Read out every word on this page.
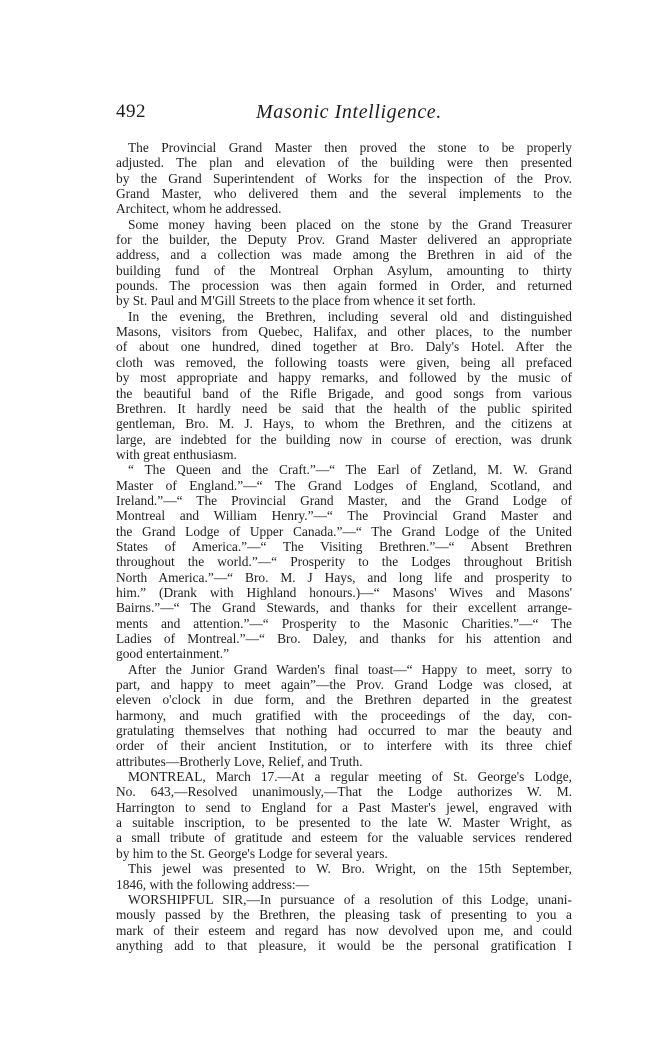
492	Masonic Intelligence.
The Provincial Grand Master then proved the stone to be properly
adjusted. The plan and elevation of the building were then presented
by the Grand Superintendent of Works for the inspection of the Prov.
Grand Master, who delivered them and the several implements to the
Architect, whom he addressed.
Some money having been placed on the stone by the Grand Treasurer
for the builder, the Deputy Prov. Grand Master delivered an appropriate
address, and a collection was made among the Brethren in aid of the
building fund of the Montreal Orphan Asylum, amounting to thirty
pounds. The procession was then again formed in Order, and returned
by St. Paul and M'Gill Streets to the place from whence it set forth.
In the evening, the Brethren, including several old and distinguished
Masons, visitors from Quebec, Halifax, and other places, to the number
of about one hundred, dined together at Bro. Daly's Hotel. After the
cloth was removed, the following toasts were given, being all prefaced
by most appropriate and happy remarks, and followed by the music of
the beautiful band of the Rifle Brigade, and good songs from various
Brethren. It hardly need be said that the health of the public spirited
gentleman, Bro. M. J. Hays, to whom the Brethren, and the citizens at
large, are indebted for the building now in course of erection, was drunk
with great enthusiasm.
“ The Queen and the Craft.”—“ The Earl of Zetland, M. W. Grand
Master of England.”—“ The Grand Lodges of England, Scotland, and
Ireland.”—“ The Provincial Grand Master, and the Grand Lodge of
Montreal and William Henry.”—“ The Provincial Grand Master and
the Grand Lodge of Upper Canada.”—“ The Grand Lodge of the United
States of America.”—“ The Visiting Brethren.”—“ Absent Brethren
throughout the world.”—“ Prosperity to the Lodges throughout British
North America.”—“ Bro. M. J Hays, and long life and prosperity to
him.” (Drank with Highland honours.)—“ Masons' Wives and Masons'
Bairns.”—“ The Grand Stewards, and thanks for their excellent arrange-
ments and attention.”—“ Prosperity to the Masonic Charities.”—“ The
Ladies of Montreal.”—“ Bro. Daley, and thanks for his attention and
good entertainment.”
After the Junior Grand Warden's final toast—“ Happy to meet, sorry to
part, and happy to meet again”—the Prov. Grand Lodge was closed, at
eleven o'clock in due form, and the Brethren departed in the greatest
harmony, and much gratified with the proceedings of the day, con-
gratulating themselves that nothing had occurred to mar the beauty and
order of their ancient Institution, or to interfere with its three chief
attributes—Brotherly Love, Relief, and Truth.
MONTREAL, March 17.—At a regular meeting of St. George's Lodge,
No. 643,—Resolved unanimously,—That the Lodge authorizes W. M.
Harrington to send to England for a Past Master's jewel, engraved with
a suitable inscription, to be presented to the late W. Master Wright, as
a small tribute of gratitude and esteem for the valuable services rendered
by him to the St. George's Lodge for several years.
This jewel was presented to W. Bro. Wright, on the 15th September,
1846, with the following address:—
WORSHIPFUL SIR,—In pursuance of a resolution of this Lodge, unani-
mously passed by the Brethren, the pleasing task of presenting to you a
mark of their esteem and regard has now devolved upon me, and could
anything add to that pleasure, it would be the personal gratification I
